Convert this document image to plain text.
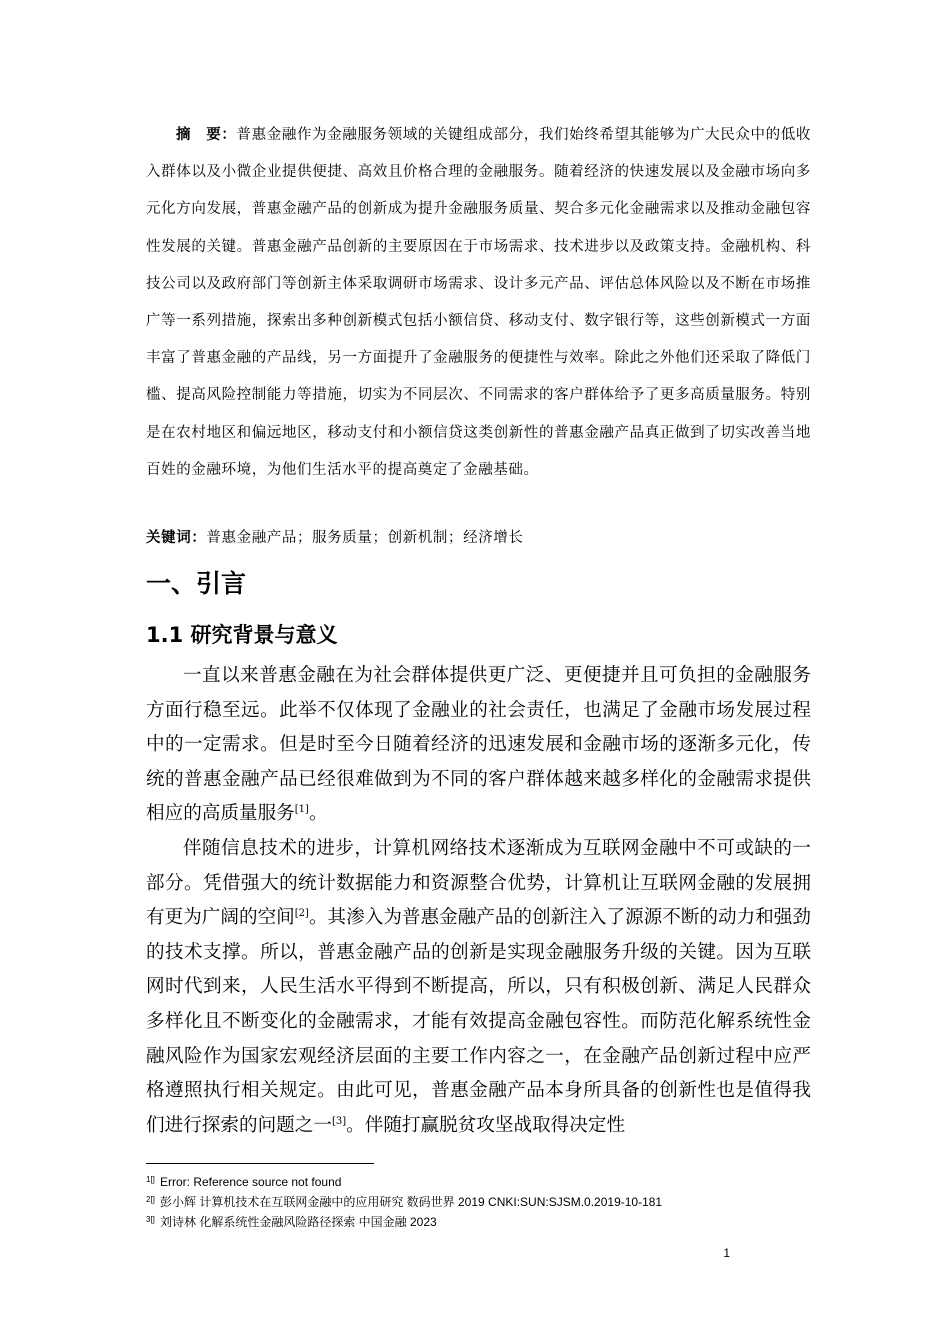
摘　要：普惠金融作为金融服务领域的关键组成部分，我们始终希望其能够为广大民众中的低收入群体以及小微企业提供便捷、高效且价格合理的金融服务。随着经济的快速发展以及金融市场向多元化方向发展，普惠金融产品的创新成为提升金融服务质量、契合多元化金融需求以及推动金融包容性发展的关键。普惠金融产品创新的主要原因在于市场需求、技术进步以及政策支持。金融机构、科技公司以及政府部门等创新主体采取调研市场需求、设计多元产品、评估总体风险以及不断在市场推广等一系列措施，探索出多种创新模式包括小额信贷、移动支付、数字银行等，这些创新模式一方面丰富了普惠金融的产品线，另一方面提升了金融服务的便捷性与效率。除此之外他们还采取了降低门槛、提高风险控制能力等措施，切实为不同层次、不同需求的客户群体给予了更多高质量服务。特别是在农村地区和偏远地区，移动支付和小额信贷这类创新性的普惠金融产品真正做到了切实改善当地百姓的金融环境，为他们生活水平的提高奠定了金融基础。
关键词：普惠金融产品；服务质量；创新机制；经济增长
一、引言
1.1 研究背景与意义

一直以来普惠金融在为社会群体提供更广泛、更便捷并且可负担的金融服务方面行稳至远。此举不仅体现了金融业的社会责任，也满足了金融市场发展过程中的一定需求。但是时至今日随着经济的迅速发展和金融市场的逐渐多元化，传统的普惠金融产品已经很难做到为不同的客户群体越来越多样化的金融需求提供相应的高质量服务[1]。

伴随信息技术的进步，计算机网络技术逐渐成为互联网金融中不可或缺的一部分。凭借强大的统计数据能力和资源整合优势，计算机让互联网金融的发展拥有更为广阔的空间[2]。其渗入为普惠金融产品的创新注入了源源不断的动力和强劲的技术支撑。所以，普惠金融产品的创新是实现金融服务升级的关键。因为互联网时代到来，人民生活水平得到不断提高，所以，只有积极创新、满足人民群众多样化且不断变化的金融需求，才能有效提高金融包容性。而防范化解系统性金融风险作为国家宏观经济层面的主要工作内容之一，在金融产品创新过程中应严格遵照执行相关规定。由此可见，普惠金融产品本身所具备的创新性也是值得我们进行探索的问题之一[3]。伴随打赢脱贫攻坚战取得决定性

1[] Error: Reference source not found
2[] 彭小辉 计算机技术在互联网金融中的应用研究 数码世界 2019 CNKI:SUN:SJSM.0.2019-10-181
3[] 刘诗林 化解系统性金融风险路径探索 中国金融 2023
1
